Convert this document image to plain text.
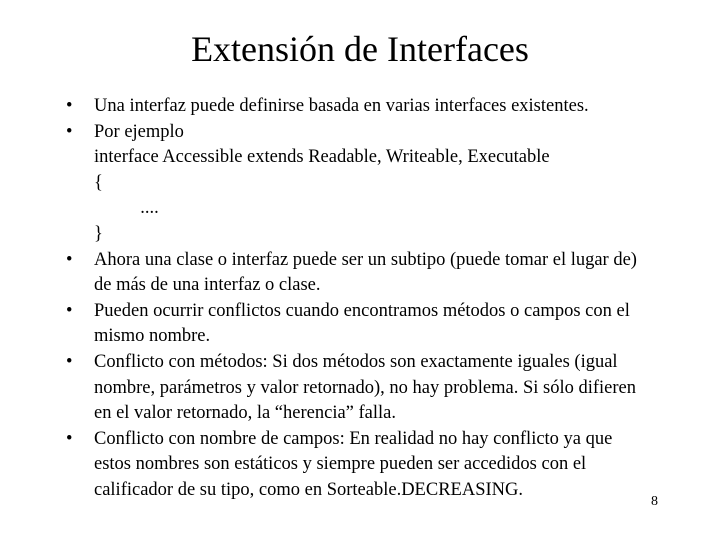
Extensión de Interfaces
•	Una interfaz puede definirse basada en varias interfaces existentes.
•	Por ejemplo
interface Accessible extends Readable, Writeable, Executable
{
....
}
•	Ahora una clase o interfaz puede ser un subtipo (puede tomar el lugar de)
de más de una interfaz o clase.
•	Pueden ocurrir conflictos cuando encontramos métodos o campos con el
mismo nombre.
•	Conflicto con métodos: Si dos métodos son exactamente iguales (igual
nombre, parámetros y valor retornado), no hay problema. Si sólo difieren
en el valor retornado, la “herencia” falla.
•	Conflicto con nombre de campos: En realidad no hay conflicto ya que
estos nombres son estáticos y siempre pueden ser accedidos con el
calificador de su tipo, como en Sorteable.DECREASING.
8
